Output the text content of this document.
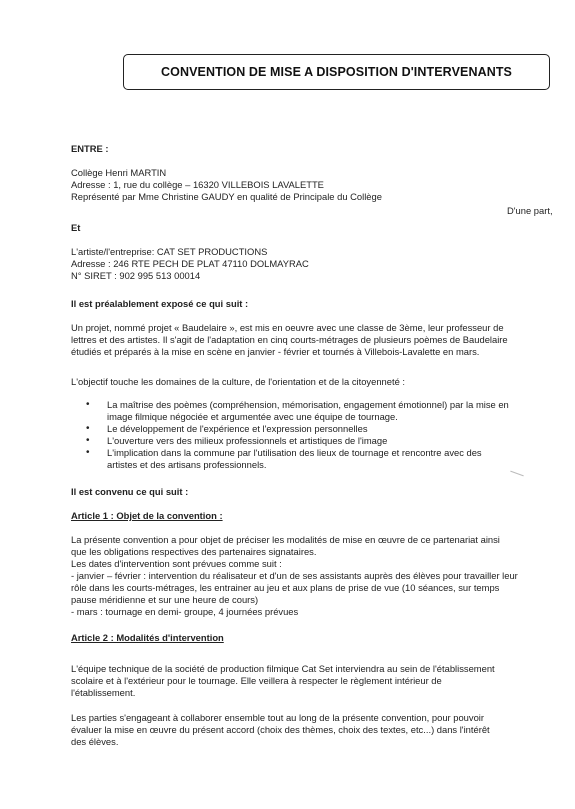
CONVENTION DE MISE A DISPOSITION D'INTERVENANTS
ENTRE :
Collège Henri MARTIN
Adresse : 1, rue du collège – 16320 VILLEBOIS LAVALETTE
Représenté par Mme Christine GAUDY en qualité de Principale du Collège
D'une part,
Et
L'artiste/l'entreprise: CAT SET PRODUCTIONS
Adresse : 246 RTE PECH DE PLAT 47110 DOLMAYRAC
N° SIRET : 902 995 513 00014
Il est préalablement exposé ce qui suit :
Un projet, nommé projet « Baudelaire », est mis en oeuvre avec une classe de 3ème, leur professeur de
lettres et des artistes. Il s'agit de l'adaptation en cinq courts-métrages de plusieurs poèmes de Baudelaire
étudiés et préparés à la mise en scène en janvier - février et tournés à Villebois-Lavalette en mars.
L'objectif touche les domaines de la culture, de l'orientation et de la citoyenneté :
• La maîtrise des poèmes (compréhension, mémorisation, engagement émotionnel) par la mise en
image filmique négociée et argumentée avec une équipe de tournage.
• Le développement de l'expérience et l'expression personnelles
• L'ouverture vers des milieux professionnels et artistiques de l'image
• L'implication dans la commune par l'utilisation des lieux de tournage et rencontre avec des
artistes et des artisans professionnels.
Il est convenu ce qui suit :
Article 1 : Objet de la convention :
La présente convention a pour objet de préciser les modalités de mise en œuvre de ce partenariat ainsi
que les obligations respectives des partenaires signataires.
Les dates d'intervention sont prévues comme suit :
- janvier – février : intervention du réalisateur et d'un de ses assistants auprès des élèves pour travailler leur
rôle dans les courts-métrages, les entrainer au jeu et aux plans de prise de vue (10 séances, sur temps
pause méridienne et sur une heure de cours)
- mars : tournage en demi- groupe, 4 journées prévues
Article 2 : Modalités d'intervention
L'équipe technique de la société de production filmique Cat Set interviendra au sein de l'établissement
scolaire et à l'extérieur pour le tournage. Elle veillera à respecter le règlement intérieur de
l'établissement.
Les parties s'engageant à collaborer ensemble tout au long de la présente convention, pour pouvoir
évaluer la mise en œuvre du présent accord (choix des thèmes, choix des textes, etc...) dans l'intérêt
des élèves.
